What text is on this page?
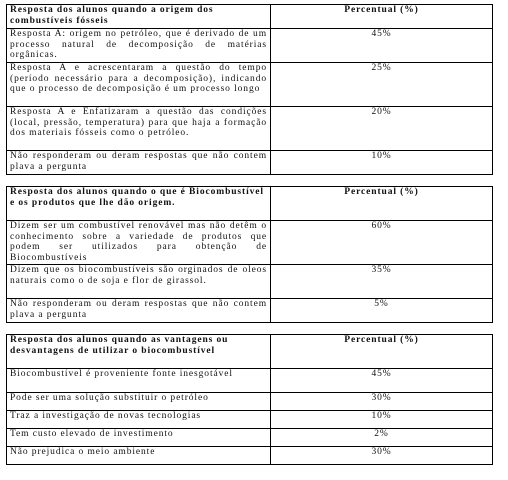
Resposta dos alunos quando a origem dos combustíveis fósseis	Percentual (%)
Resposta A: origem no petróleo, que é derivado de um processo natural de decomposição de matérias orgânicas.	45%
Resposta A e acrescentaram a questão do tempo (período necessário para a decomposição), indicando que o processo de decomposição é um processo longo	25%
Resposta A e Enfatizaram a questão das condições (local, pressão, temperatura) para que haja a formação dos materiais fósseis como o petróleo.	20%
Não responderam ou deram respostas que não contem plava a pergunta	10%
Resposta dos alunos quando o que é Biocombustível e os produtos que lhe dão origem.	Percentual (%)
Dizem ser um combustível renovável mas não detêm o conhecimento sobre a variedade de produtos que podem ser utilizados para obtenção de Biocombustíveis	60%
Dizem que os biocombustíveis são orginados de oleos naturais como o de soja e flor de girassol.	35%
Não responderam ou deram respostas que não contem plava a pergunta	5%
Resposta dos alunos quando as vantagens ou desvantagens de utilizar o biocombustível	Percentual (%)
Biocombustível é proveniente fonte inesgotável	45%
Pode ser uma solução substituir o petróleo	30%
Traz a investigação de novas tecnologias	10%
Tem custo elevado de investimento	2%
Não prejudica o meio ambiente	30%
